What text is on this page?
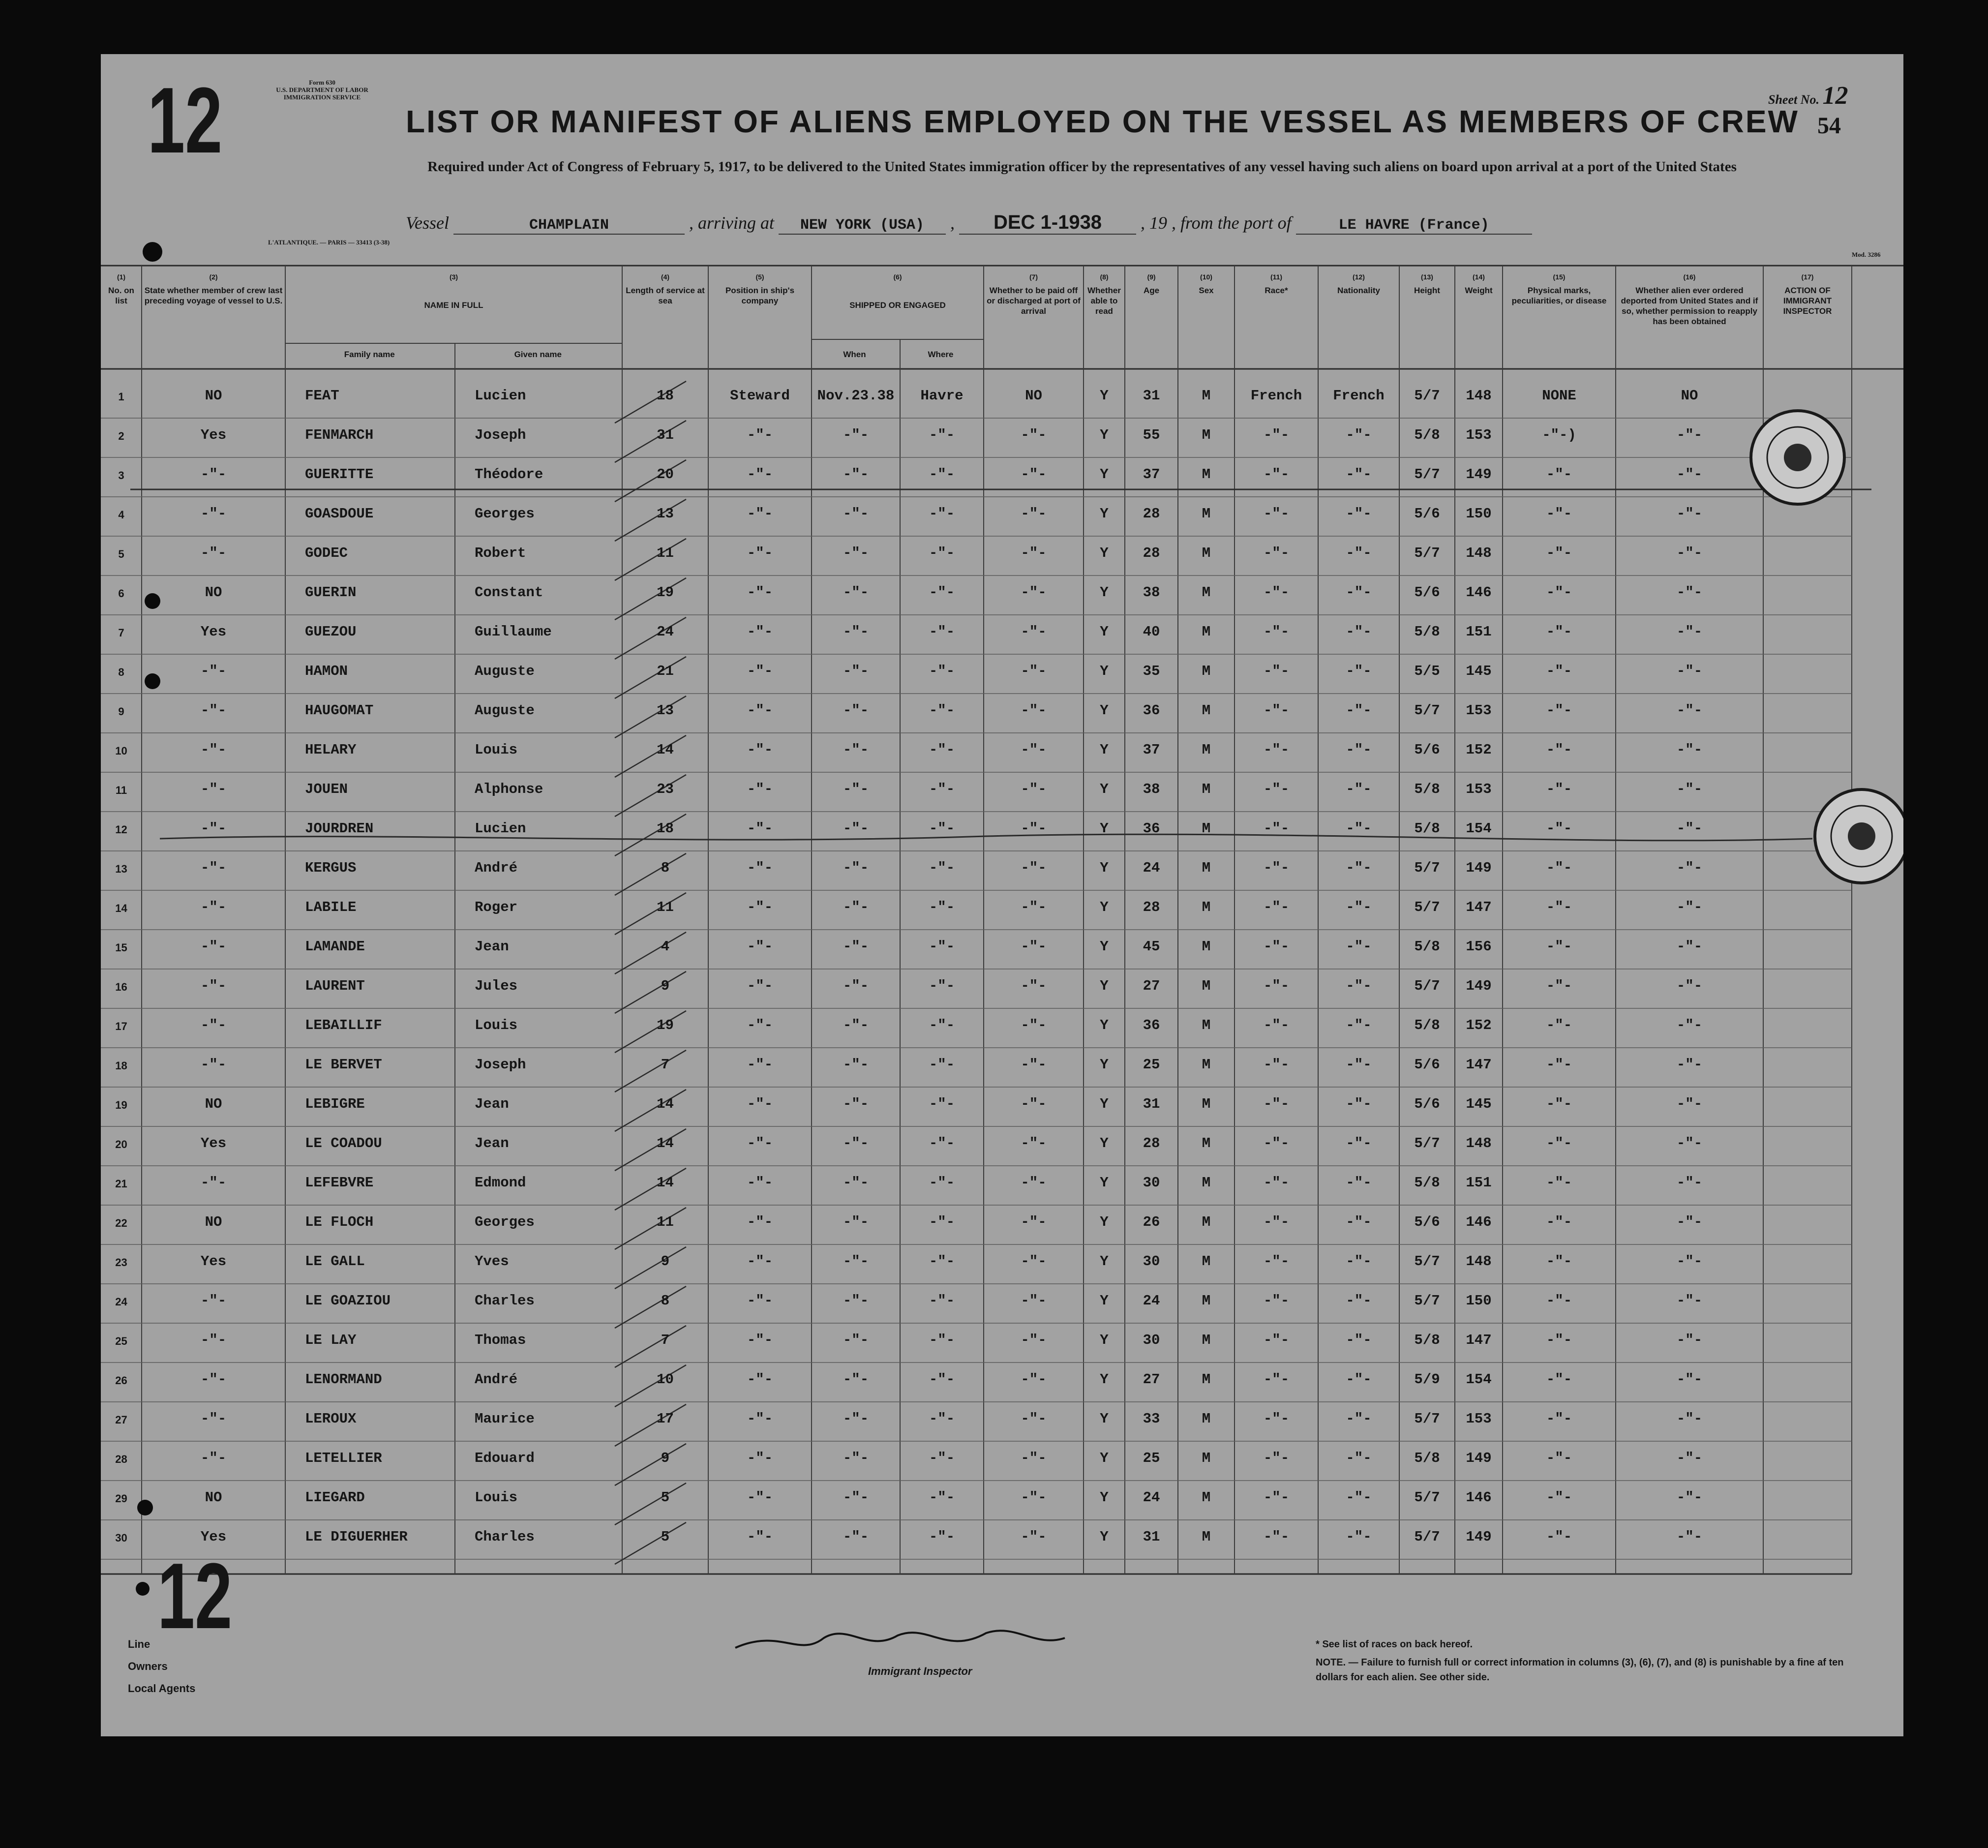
12	Form 630
U.S. DEPARTMENT OF LABOR
IMMIGRATION SERVICE
LIST OR MANIFEST OF ALIENS EMPLOYED ON THE VESSEL AS MEMBERS OF CREW
Sheet No. 12
54
Required under Act of Congress of February 5, 1917, to be delivered to the United States immigration officer by the representatives of any vessel having such aliens on board upon arrival at a port of the United States
Vessel	CHAMPLAIN	, arriving at NEW YORK (USA) , DEC 1-1938 , 19 , from the port of	LE HAVRE (France)
L'ATLANTIQUE. — PARIS — 33413 (3-38)
Mod. 3286
(1)
No. on list
(2)
State whether member of crew last preceding voyage of vessel to U.S.
(3)
NAME IN FULL
Family name	Given name
(4)
Length of service at sea
(5)
Position in ship's company
(6)
SHIPPED OR ENGAGED
When	Where
(7)
Whether to be paid off or discharged at port of arrival
(8)
Whether able to read
(9)
Age
(10)
Sex
(11)
Race*
(12)
Nationality
(13)
Height
(14)
Weight
(15)
Physical marks, peculiarities, or disease
(16)
Whether alien ever ordered deported from United States and if so, whether permission to reapply has been obtained
(17)
ACTION OF IMMIGRANT INSPECTOR
1	NO	FEAT	Lucien	18	Steward	Nov.23.38	Havre	NO	Y	31	M	French	French	5/7	148	NONE	NO
2	Yes	FENMARCH	Joseph	31	-"-	-"-	-"-	-"-	Y	55	M	-"-	-"-	5/8	153	-"-)	-"-
3	-"-	GUERITTE	Théodore	20	-"-	-"-	-"-	-"-	Y	37	M	-"-	-"-	5/7	149	-"-	-"-
4	-"-	GOASDOUE	Georges	13	-"-	-"-	-"-	-"-	Y	28	M	-"-	-"-	5/6	150	-"-	-"-
5	-"-	GODEC	Robert	11	-"-	-"-	-"-	-"-	Y	28	M	-"-	-"-	5/7	148	-"-	-"-
6	NO	GUERIN	Constant	19	-"-	-"-	-"-	-"-	Y	38	M	-"-	-"-	5/6	146	-"-	-"-
7	Yes	GUEZOU	Guillaume	24	-"-	-"-	-"-	-"-	Y	40	M	-"-	-"-	5/8	151	-"-	-"-
8	-"-	HAMON	Auguste	21	-"-	-"-	-"-	-"-	Y	35	M	-"-	-"-	5/5	145	-"-	-"-
9	-"-	HAUGOMAT	Auguste	13	-"-	-"-	-"-	-"-	Y	36	M	-"-	-"-	5/7	153	-"-	-"-
10	-"-	HELARY	Louis	14	-"-	-"-	-"-	-"-	Y	37	M	-"-	-"-	5/6	152	-"-	-"-
11	-"-	JOUEN	Alphonse	23	-"-	-"-	-"-	-"-	Y	38	M	-"-	-"-	5/8	153	-"-	-"-
12	-"-	JOURDREN	Lucien	18	-"-	-"-	-"-	-"-	Y	36	M	-"-	-"-	5/8	154	-"-	-"-
13	-"-	KERGUS	André	8	-"-	-"-	-"-	-"-	Y	24	M	-"-	-"-	5/7	149	-"-	-"-
14	-"-	LABILE	Roger	11	-"-	-"-	-"-	-"-	Y	28	M	-"-	-"-	5/7	147	-"-	-"-
15	-"-	LAMANDE	Jean	4	-"-	-"-	-"-	-"-	Y	45	M	-"-	-"-	5/8	156	-"-	-"-
16	-"-	LAURENT	Jules	9	-"-	-"-	-"-	-"-	Y	27	M	-"-	-"-	5/7	149	-"-	-"-
17	-"-	LEBAILLIF	Louis	19	-"-	-"-	-"-	-"-	Y	36	M	-"-	-"-	5/8	152	-"-	-"-
18	-"-	LE BERVET	Joseph	7	-"-	-"-	-"-	-"-	Y	25	M	-"-	-"-	5/6	147	-"-	-"-
19	NO	LEBIGRE	Jean	14	-"-	-"-	-"-	-"-	Y	31	M	-"-	-"-	5/6	145	-"-	-"-
20	Yes	LE COADOU	Jean	14	-"-	-"-	-"-	-"-	Y	28	M	-"-	-"-	5/7	148	-"-	-"-
21	-"-	LEFEBVRE	Edmond	14	-"-	-"-	-"-	-"-	Y	30	M	-"-	-"-	5/8	151	-"-	-"-
22	NO	LE FLOCH	Georges	11	-"-	-"-	-"-	-"-	Y	26	M	-"-	-"-	5/6	146	-"-	-"-
23	Yes	LE GALL	Yves	9	-"-	-"-	-"-	-"-	Y	30	M	-"-	-"-	5/7	148	-"-	-"-
24	-"-	LE GOAZIOU	Charles	8	-"-	-"-	-"-	-"-	Y	24	M	-"-	-"-	5/7	150	-"-	-"-
25	-"-	LE LAY	Thomas	7	-"-	-"-	-"-	-"-	Y	30	M	-"-	-"-	5/8	147	-"-	-"-
26	-"-	LENORMAND	André	10	-"-	-"-	-"-	-"-	Y	27	M	-"-	-"-	5/9	154	-"-	-"-
27	-"-	LEROUX	Maurice	17	-"-	-"-	-"-	-"-	Y	33	M	-"-	-"-	5/7	153	-"-	-"-
28	-"-	LETELLIER	Edouard	9	-"-	-"-	-"-	-"-	Y	25	M	-"-	-"-	5/8	149	-"-	-"-
29	NO	LIEGARD	Louis	5	-"-	-"-	-"-	-"-	Y	24	M	-"-	-"-	5/7	146	-"-	-"-
30	Yes	LE DIGUERHER	Charles	5	-"-	-"-	-"-	-"-	Y	31	M	-"-	-"-	5/7	149	-"-	-"-
12
Line
Owners
Local Agents
Immigrant Inspector
* See list of races on back hereof.
NOTE. — Failure to furnish full or correct information in columns (3), (6), (7), and (8) is punishable by a fine af ten dollars for each alien. See other side.
